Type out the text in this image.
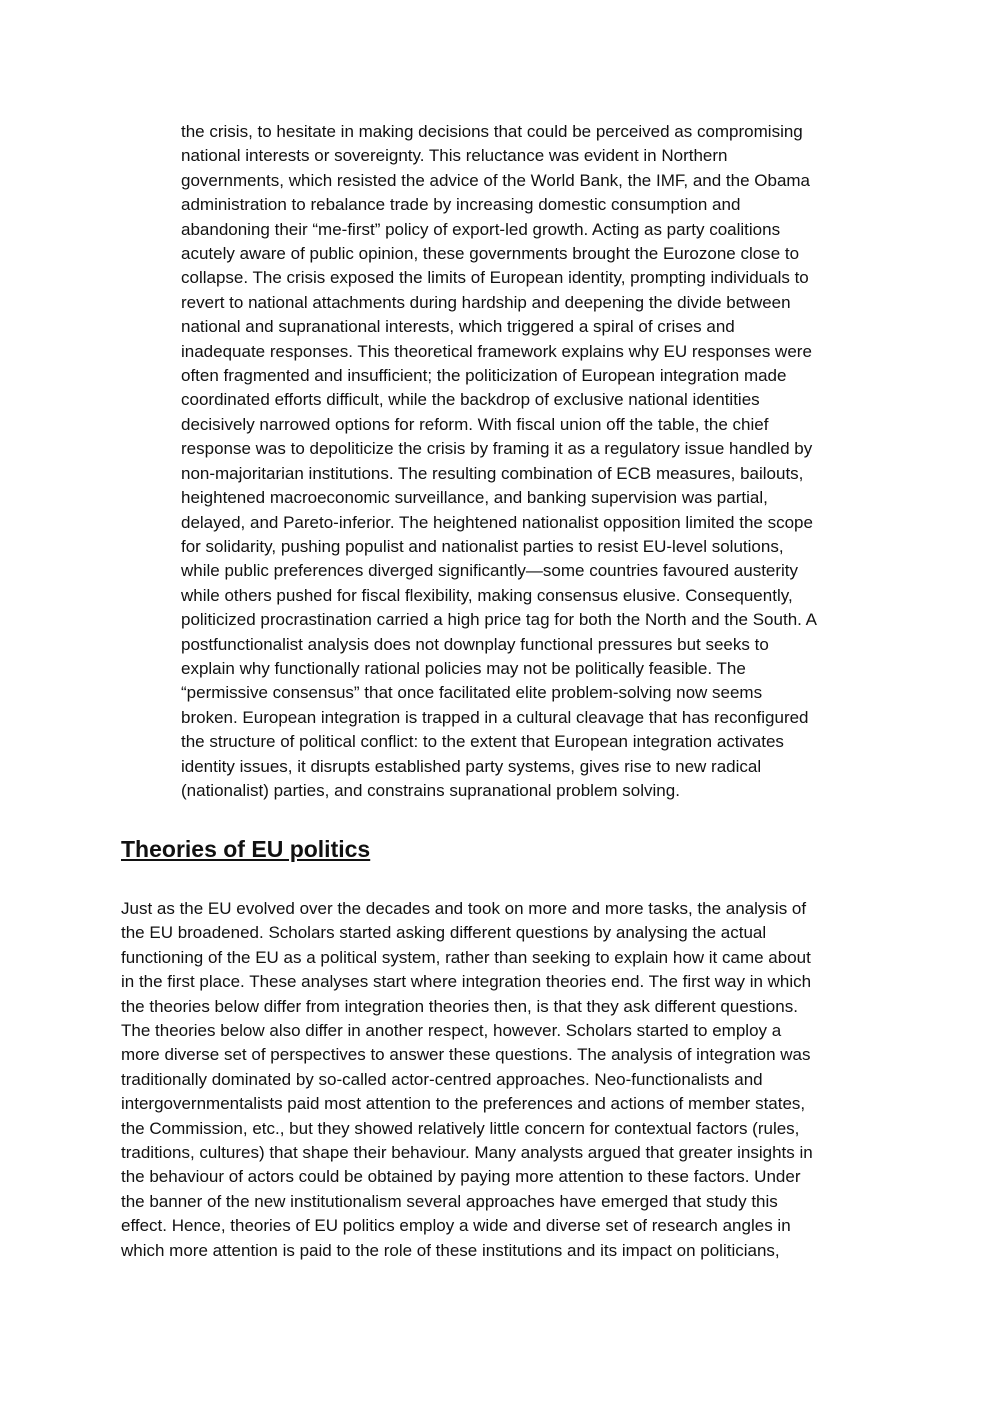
the crisis, to hesitate in making decisions that could be perceived as compromising
national interests or sovereignty. This reluctance was evident in Northern
governments, which resisted the advice of the World Bank, the IMF, and the Obama
administration to rebalance trade by increasing domestic consumption and
abandoning their “me-first” policy of export-led growth. Acting as party coalitions
acutely aware of public opinion, these governments brought the Eurozone close to
collapse. The crisis exposed the limits of European identity, prompting individuals to
revert to national attachments during hardship and deepening the divide between
national and supranational interests, which triggered a spiral of crises and
inadequate responses. This theoretical framework explains why EU responses were
often fragmented and insufficient; the politicization of European integration made
coordinated efforts difficult, while the backdrop of exclusive national identities
decisively narrowed options for reform. With fiscal union off the table, the chief
response was to depoliticize the crisis by framing it as a regulatory issue handled by
non-majoritarian institutions. The resulting combination of ECB measures, bailouts,
heightened macroeconomic surveillance, and banking supervision was partial,
delayed, and Pareto-inferior. The heightened nationalist opposition limited the scope
for solidarity, pushing populist and nationalist parties to resist EU-level solutions,
while public preferences diverged significantly—some countries favoured austerity
while others pushed for fiscal flexibility, making consensus elusive. Consequently,
politicized procrastination carried a high price tag for both the North and the South. A
postfunctionalist analysis does not downplay functional pressures but seeks to
explain why functionally rational policies may not be politically feasible. The
“permissive consensus” that once facilitated elite problem-solving now seems
broken. European integration is trapped in a cultural cleavage that has reconfigured
the structure of political conflict: to the extent that European integration activates
identity issues, it disrupts established party systems, gives rise to new radical
(nationalist) parties, and constrains supranational problem solving.
Theories of EU politics
Just as the EU evolved over the decades and took on more and more tasks, the analysis of
the EU broadened. Scholars started asking different questions by analysing the actual
functioning of the EU as a political system, rather than seeking to explain how it came about
in the first place. These analyses start where integration theories end. The first way in which
the theories below differ from integration theories then, is that they ask different questions.
The theories below also differ in another respect, however. Scholars started to employ a
more diverse set of perspectives to answer these questions. The analysis of integration was
traditionally dominated by so-called actor-centred approaches. Neo-functionalists and
intergovernmentalists paid most attention to the preferences and actions of member states,
the Commission, etc., but they showed relatively little concern for contextual factors (rules,
traditions, cultures) that shape their behaviour. Many analysts argued that greater insights in
the behaviour of actors could be obtained by paying more attention to these factors. Under
the banner of the new institutionalism several approaches have emerged that study this
effect. Hence, theories of EU politics employ a wide and diverse set of research angles in
which more attention is paid to the role of these institutions and its impact on politicians,
